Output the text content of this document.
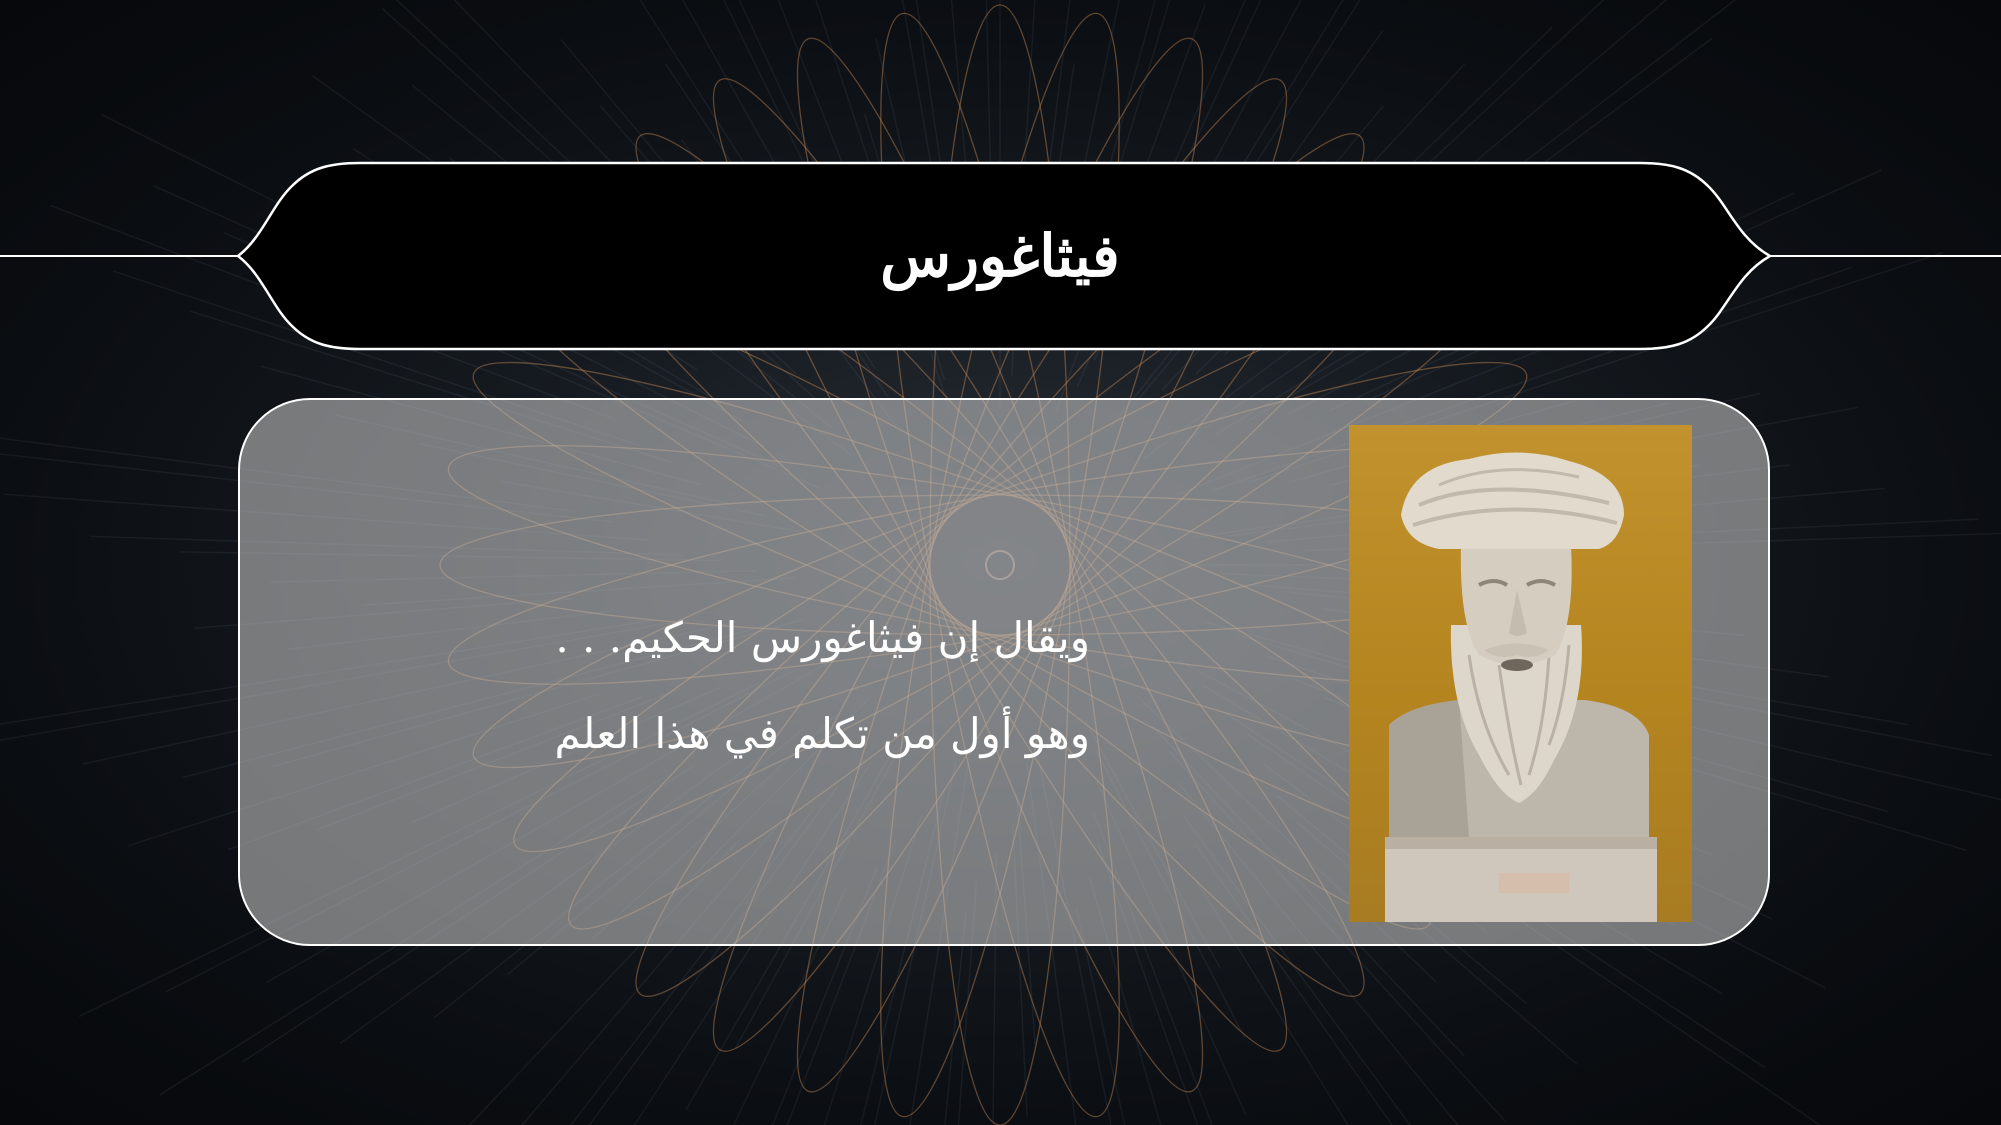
فيثاغورس
ويقال إن فيثاغورس الحكيم. . .
وهو أول من تكلم في هذا العلم
